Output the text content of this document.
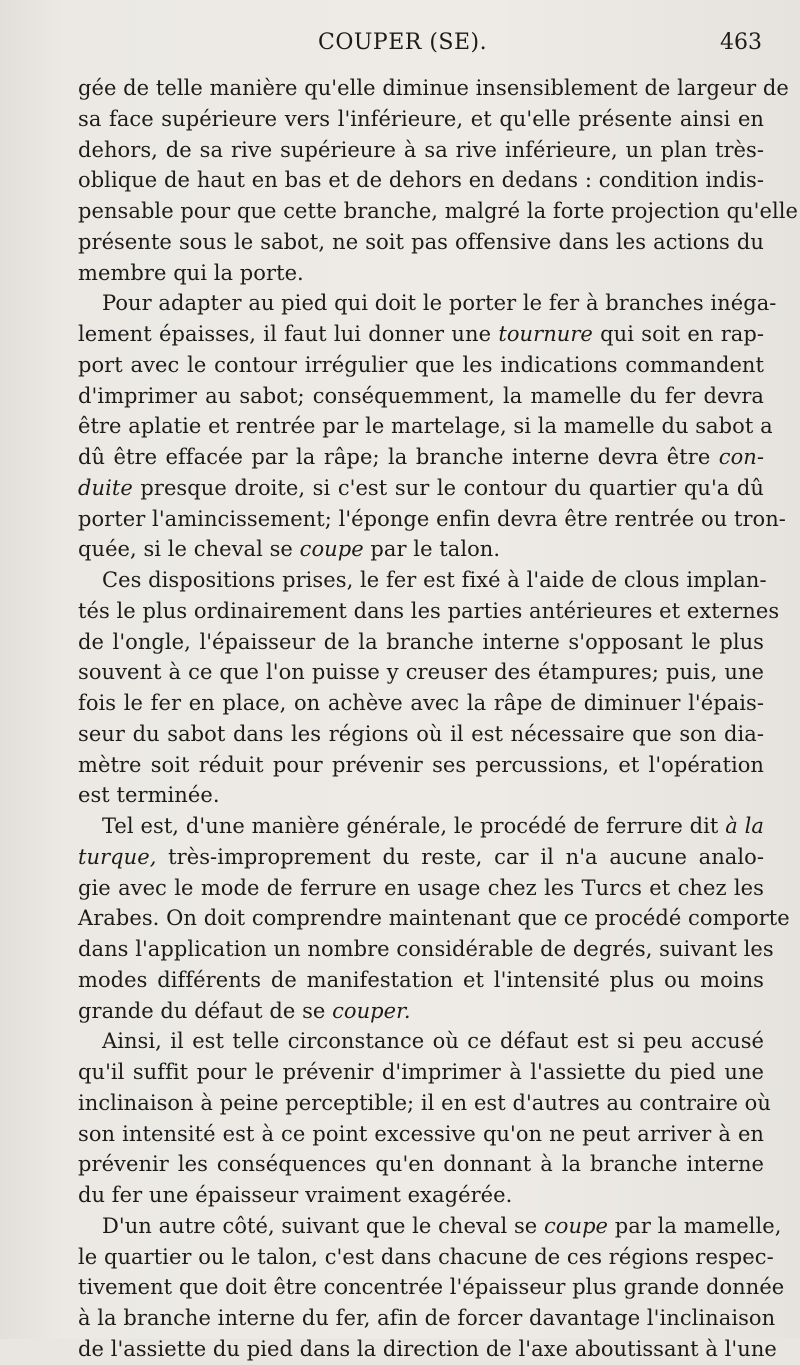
COUPER (SE).	463
gée de telle manière qu'elle diminue insensiblement de largeur de
sa face supérieure vers l'inférieure, et qu'elle présente ainsi en
dehors, de sa rive supérieure à sa rive inférieure, un plan très-
oblique de haut en bas et de dehors en dedans : condition indis-
pensable pour que cette branche, malgré la forte projection qu'elle
présente sous le sabot, ne soit pas offensive dans les actions du
membre qui la porte.
Pour adapter au pied qui doit le porter le fer à branches inéga-
lement épaisses, il faut lui donner une tournure qui soit en rap-
port avec le contour irrégulier que les indications commandent
d'imprimer au sabot; conséquemment, la mamelle du fer devra
être aplatie et rentrée par le martelage, si la mamelle du sabot a
dû être effacée par la râpe; la branche interne devra être con-
duite presque droite, si c'est sur le contour du quartier qu'a dû
porter l'amincissement; l'éponge enfin devra être rentrée ou tron-
quée, si le cheval se coupe par le talon.
Ces dispositions prises, le fer est fixé à l'aide de clous implan-
tés le plus ordinairement dans les parties antérieures et externes
de l'ongle, l'épaisseur de la branche interne s'opposant le plus
souvent à ce que l'on puisse y creuser des étampures; puis, une
fois le fer en place, on achève avec la râpe de diminuer l'épais-
seur du sabot dans les régions où il est nécessaire que son dia-
mètre soit réduit pour prévenir ses percussions, et l'opération
est terminée.
Tel est, d'une manière générale, le procédé de ferrure dit à la
turque, très-improprement du reste, car il n'a aucune analo-
gie avec le mode de ferrure en usage chez les Turcs et chez les
Arabes. On doit comprendre maintenant que ce procédé comporte
dans l'application un nombre considérable de degrés, suivant les
modes différents de manifestation et l'intensité plus ou moins
grande du défaut de se couper.
Ainsi, il est telle circonstance où ce défaut est si peu accusé
qu'il suffit pour le prévenir d'imprimer à l'assiette du pied une
inclinaison à peine perceptible; il en est d'autres au contraire où
son intensité est à ce point excessive qu'on ne peut arriver à en
prévenir les conséquences qu'en donnant à la branche interne
du fer une épaisseur vraiment exagérée.
D'un autre côté, suivant que le cheval se coupe par la mamelle,
le quartier ou le talon, c'est dans chacune de ces régions respec-
tivement que doit être concentrée l'épaisseur plus grande donnée
à la branche interne du fer, afin de forcer davantage l'inclinaison
de l'assiette du pied dans la direction de l'axe aboutissant à l'une
